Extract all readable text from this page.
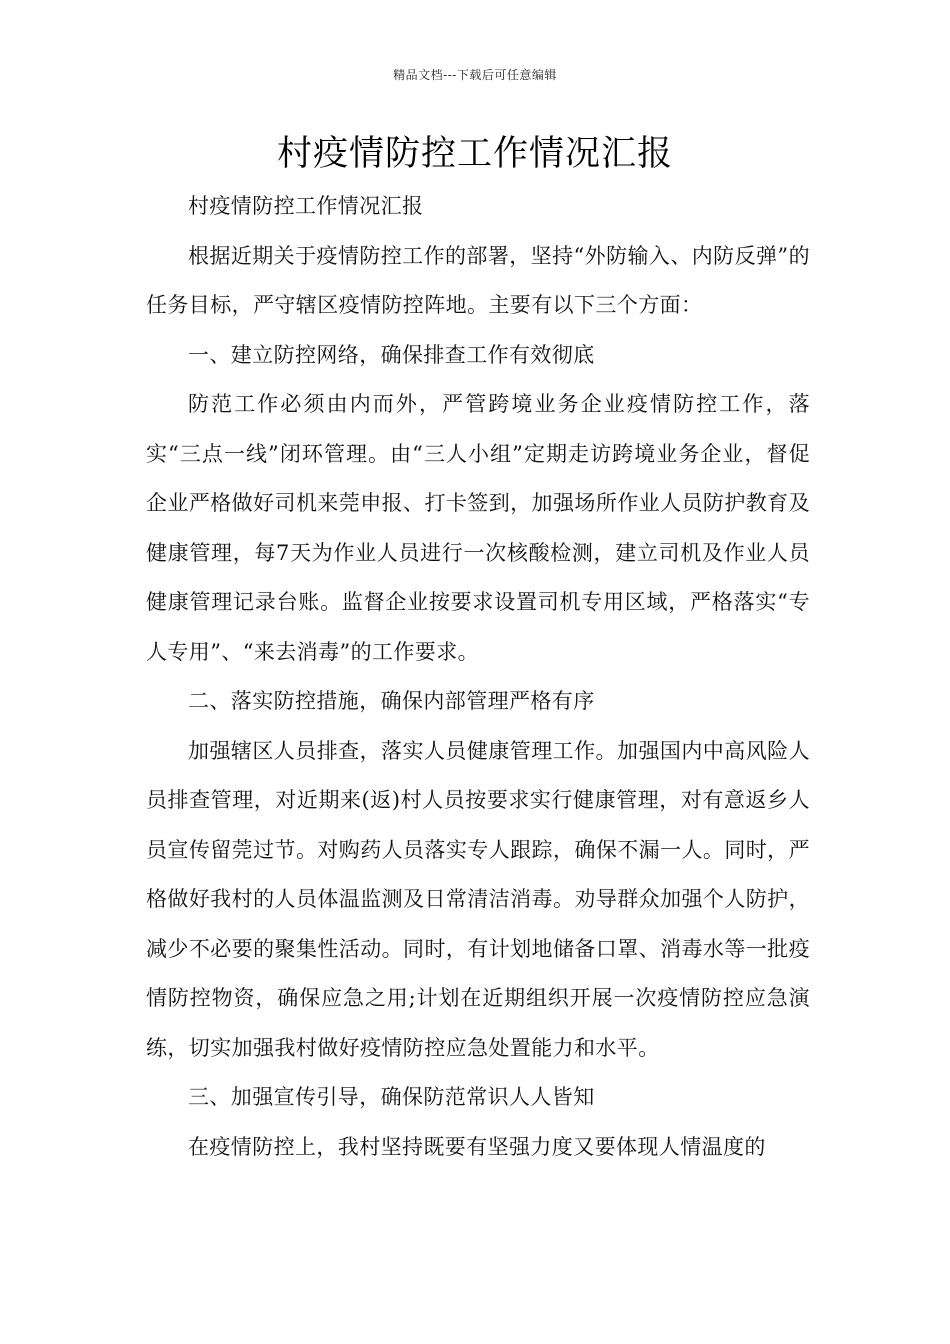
精品文档---下载后可任意编辑
村疫情防控工作情况汇报

村疫情防控工作情况汇报

根据近期关于疫情防控工作的部署，坚持“外防输入、内防反弹”的任务目标，严守辖区疫情防控阵地。主要有以下三个方面：

一、建立防控网络，确保排查工作有效彻底

防范工作必须由内而外，严管跨境业务企业疫情防控工作，落实“三点一线”闭环管理。由“三人小组”定期走访跨境业务企业，督促企业严格做好司机来莞申报、打卡签到，加强场所作业人员防护教育及健康管理，每7天为作业人员进行一次核酸检测，建立司机及作业人员健康管理记录台账。监督企业按要求设置司机专用区域，严格落实“专人专用”、“来去消毒”的工作要求。

二、落实防控措施，确保内部管理严格有序

加强辖区人员排查，落实人员健康管理工作。加强国内中高风险人员排查管理，对近期来(返)村人员按要求实行健康管理，对有意返乡人员宣传留莞过节。对购药人员落实专人跟踪，确保不漏一人。同时，严格做好我村的人员体温监测及日常清洁消毒。劝导群众加强个人防护，减少不必要的聚集性活动。同时，有计划地储备口罩、消毒水等一批疫情防控物资，确保应急之用;计划在近期组织开展一次疫情防控应急演练，切实加强我村做好疫情防控应急处置能力和水平。

三、加强宣传引导，确保防范常识人人皆知

在疫情防控上，我村坚持既要有坚强力度又要体现人情温度的
